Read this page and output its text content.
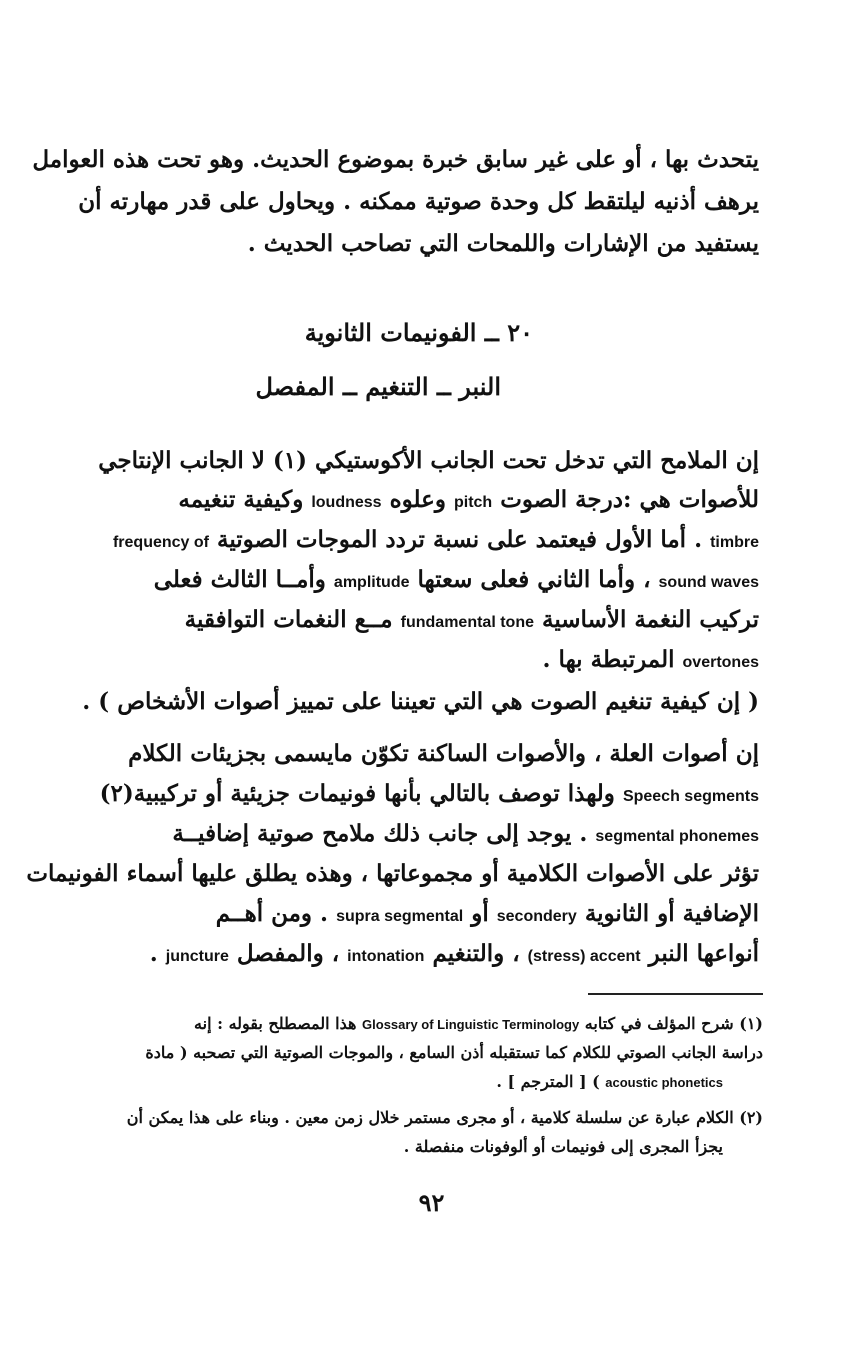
يتحدث بها ، أو على غير سابق خبرة بموضوع الحديث. وهو تحت هذه العوامل
يرهف أذنيه ليلتقط كل وحدة صوتية ممكنه . ويحاول على قدر مهارته أن
يستفيد من الإشارات واللمحات التي تصاحب الحديث .
٢٠ ــ الفونيمات الثانوية
النبر ــ التنغيم ــ المفصل
إن الملامح التي تدخل تحت الجانب الأكوستيكي (١) لا الجانب الإنتاجي
للأصوات هي :درجة الصوت pitch وعلوه loudness وكيفية تنغيمه
timbre . أما الأول فيعتمد على نسبة تردد الموجات الصوتية frequency of
sound waves ، وأما الثاني فعلى سعتها amplitude وأمــا الثالث فعلى
تركيب النغمة الأساسية fundamental tone مــع النغمات التوافقية
overtones المرتبطة بها .
( إن كيفية تنغيم الصوت هي التي تعيننا على تمييز أصوات الأشخاص ) .
إن أصوات العلة ، والأصوات الساكنة تكوّن مايسمى بجزيئات الكلام
Speech segments ولهذا توصف بالتالي بأنها فونيمات جزيئية أو تركيبية(٢)
segmental phonemes . يوجد إلى جانب ذلك ملامح صوتية إضافيــة
تؤثر على الأصوات الكلامية أو مجموعاتها ، وهذه يطلق عليها أسماء الفونيمات
الإضافية أو الثانوية secondery أو supra segmental . ومن أهــم
أنواعها النبر (stress) accent ، والتنغيم intonation ، والمفصل juncture .
(١) شرح المؤلف في كتابه Glossary of Linguistic Terminology هذا المصطلح بقوله : إنه
دراسة الجانب الصوتي للكلام كما تستقبله أذن السامع ، والموجات الصوتية التي تصحبه ( مادة
acoustic phonetics ) [ المترجم ] .
(٢) الكلام عبارة عن سلسلة كلامية ، أو مجرى مستمر خلال زمن معين . وبناء على هذا يمكن أن
يجزأ المجرى إلى فونيمات أو ألوفونات منفصلة .
٩٢
